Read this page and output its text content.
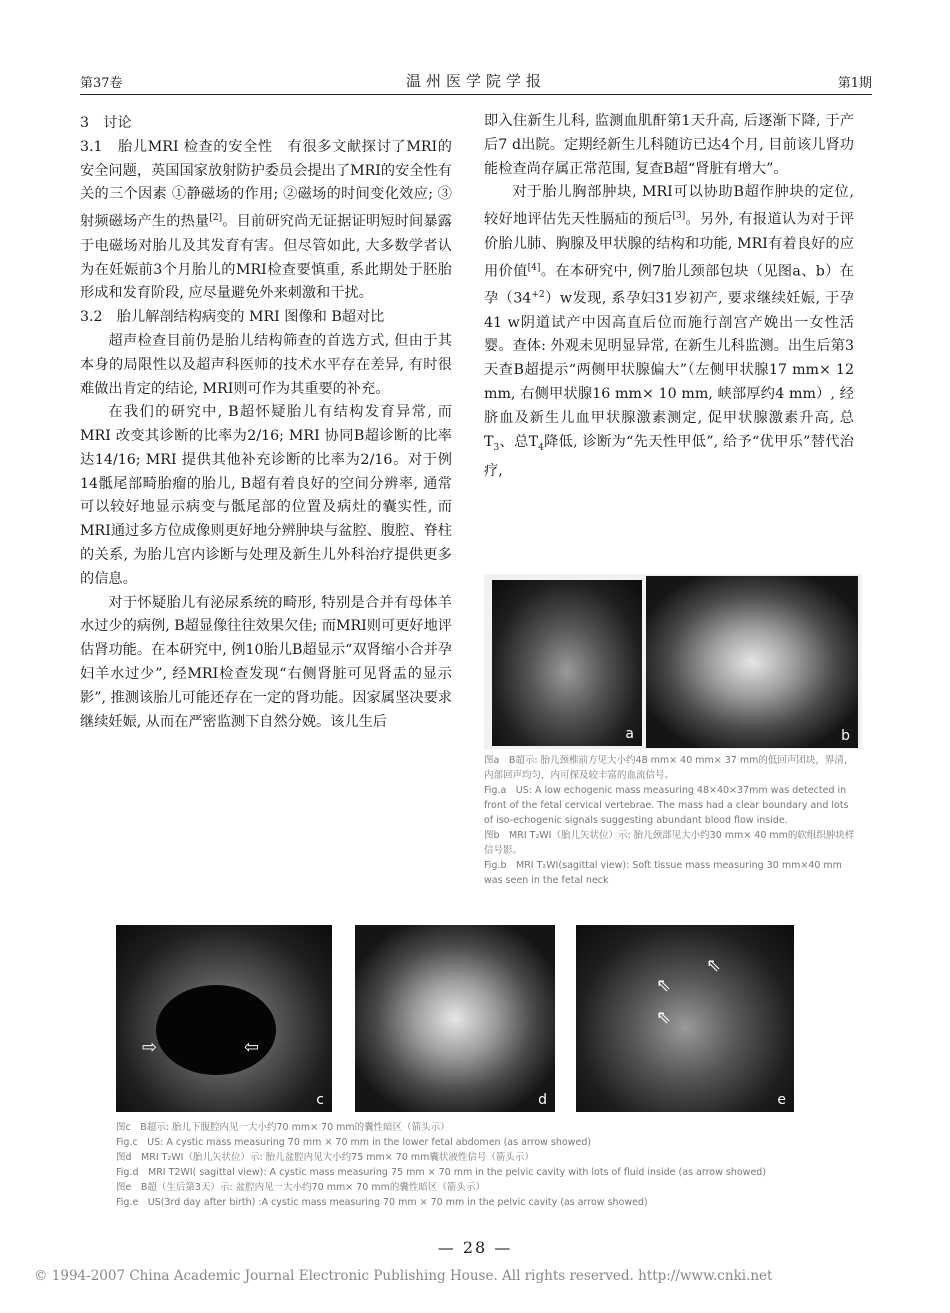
第37卷	温州医学院学报	第1期

3　讨论

3.1　胎儿MRI 检查的安全性　 有很多文献探讨了MRI的安全问题，英国国家放射防护委员会提出了MRI的安全性有关的三个因素 ①静磁场的作用; ②磁场的时间变化效应; ③射频磁场产生的热量[2]。目前研究尚无证据证明短时间暴露于电磁场对胎儿及其发育有害。但尽管如此, 大多数学者认为在妊娠前3个月胎儿的MRI检查要慎重, 系此期处于胚胎形成和发育阶段, 应尽量避免外来刺激和干扰。

3.2　胎儿解剖结构病变的 MRI 图像和 B超对比

超声检查目前仍是胎儿结构筛查的首选方式, 但由于其本身的局限性以及超声科医师的技术水平存在差异, 有时很难做出肯定的结论, MRI则可作为其重要的补充。

在我们的研究中, B超怀疑胎儿有结构发育异常, 而 MRI 改变其诊断的比率为2/16; MRI 协同B超诊断的比率达14/16; MRI 提供其他补充诊断的比率为2/16。对于例14骶尾部畸胎瘤的胎儿, B超有着良好的空间分辨率, 通常可以较好地显示病变与骶尾部的位置及病灶的囊实性, 而MRI通过多方位成像则更好地分辨肿块与盆腔、腹腔、脊柱的关系, 为胎儿宫内诊断与处理及新生儿外科治疗提供更多的信息。

对于怀疑胎儿有泌尿系统的畸形, 特别是合并有母体羊水过少的病例, B超显像往往效果欠佳; 而MRI则可更好地评估肾功能。在本研究中, 例10胎儿B超显示“双肾缩小合并孕妇羊水过少”, 经MRI检查发现“右侧肾脏可见肾盂的显示影”, 推测该胎儿可能还存在一定的肾功能。因家属坚决要求继续妊娠, 从而在严密监测下自然分娩。该儿生后

即入住新生儿科, 监测血肌酐第1天升高, 后逐渐下降, 于产后7 d出院。定期经新生儿科随访已达4个月, 目前该儿肾功能检查尚存属正常范围, 复查B超“肾脏有增大”。

对于胎儿胸部肿块, MRI可以协助B超作肿块的定位, 较好地评估先天性膈疝的预后[3]。另外, 有报道认为对于评价胎儿肺、胸腺及甲状腺的结构和功能, MRI有着良好的应用价值[4]。在本研究中, 例7胎儿颈部包块（见图a、b）在孕$(34^{+2})w$发现, 系孕妇31岁初产, 要求继续妊娠, 于孕41 w阴道试产中因高直后位而施行剖宫产娩出一女性活婴。查体: 外观未见明显异常, 在新生儿科监测。出生后第3天查B超提示“两侧甲状腺偏大”（左侧甲状腺17 mm× 12 mm, 右侧甲状腺16 mm× 10 mm, 峡部厚约4 mm）, 经脐血及新生儿血甲状腺激素测定, 促甲状腺激素升高, 总$T_3$、总$T_4$降低, 诊断为“先天性甲低”, 给予“优甲乐”替代治疗,

a	b

图a　B超示: 胎儿颈椎前方见大小约48 mm× 40 mm× 37 mm的低回声团块，界清，内部回声均匀，内可探及较丰富的血流信号。

Fig.a　US: A low echogenic mass measuring 48×40×37mm was detected in front of the fetal cervical vertebrae. The mass had a clear boundary and lots of iso-echogenic signals suggesting abundant blood flow inside.

图b　MRI T₂WI（胎儿矢状位）示: 胎儿颈部见大小约30 mm× 40 mm的软组织肿块样信号影。

Fig.b　MRI T₂WI(sagittal view): Soft tissue mass measuring 30 mm×40 mm was seen in the fetal neck

⇨	⇦
c	d
⇖
⇖
⇖
e

图c　B超示: 胎儿下腹腔内见一大小约70 mm× 70 mm的囊性暗区（箭头示）

Fig.c　US: A cystic mass measuring 70 mm × 70 mm in the lower fetal abdomen (as arrow showed)

图d　MRI T₂WI（胎儿矢状位）示: 胎儿盆腔内见大小约75 mm× 70 mm囊状液性信号（箭头示）

Fig.d　MRI T2WI( sagittal view): A cystic mass measuring 75 mm × 70 mm in the pelvic cavity with lots of fluid inside (as arrow showed)

图e　B超（生后第3天）示: 盆腔内见一大小约70 mm× 70 mm的囊性暗区（箭头示）

Fig.e　US(3rd day after birth) :A cystic mass measuring 70 mm × 70 mm in the pelvic cavity (as arrow showed)

— 28 —
© 1994-2007 China Academic Journal Electronic Publishing House. All rights reserved. http://www.cnki.net
